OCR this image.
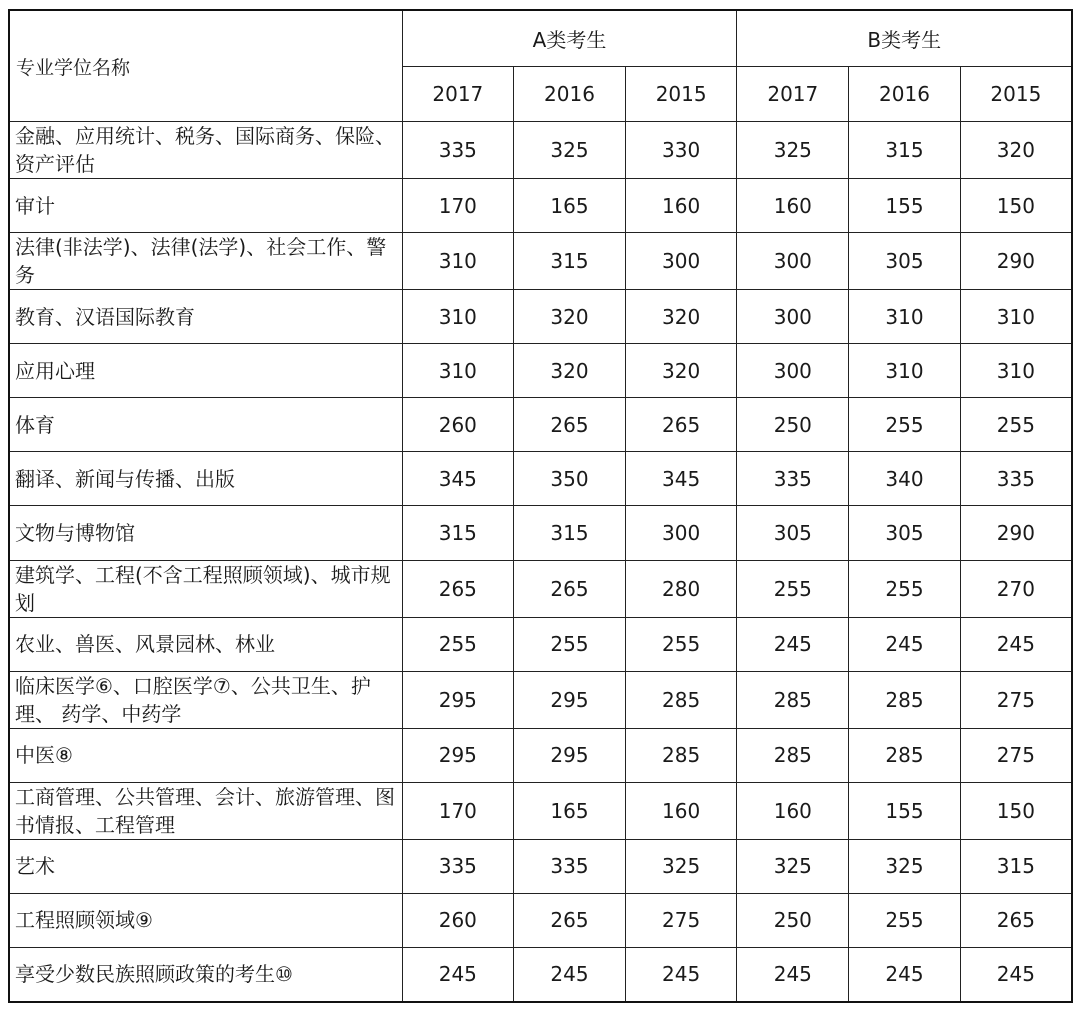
专业学位名称	A类考生			B类考生		
	2017	2016	2015	2017	2016	2015
金融、应用统计、税务、国际商务、保险、 资产评估	335	325	330	325	315	320
审计	170	165	160	160	155	150
法律(非法学)、法律(法学)、社会工作、警务	310	315	300	300	305	290
教育、汉语国际教育	310	320	320	300	310	310
应用心理	310	320	320	300	310	310
体育	260	265	265	250	255	255
翻译、新闻与传播、出版	345	350	345	335	340	335
文物与博物馆	315	315	300	305	305	290
建筑学、工程(不含工程照顾领域)、城市规划	265	265	280	255	255	270
农业、兽医、风景园林、林业	255	255	255	245	245	245
临床医学⑥、口腔医学⑦、公共卫生、护理、 药学、中药学	295	295	285	285	285	275
中医⑧	295	295	285	285	285	275
工商管理、公共管理、会计、旅游管理、图书情报、工程管理	170	165	160	160	155	150
艺术	335	335	325	325	325	315
工程照顾领域⑨	260	265	275	250	255	265
享受少数民族照顾政策的考生⑩	245	245	245	245	245	245
